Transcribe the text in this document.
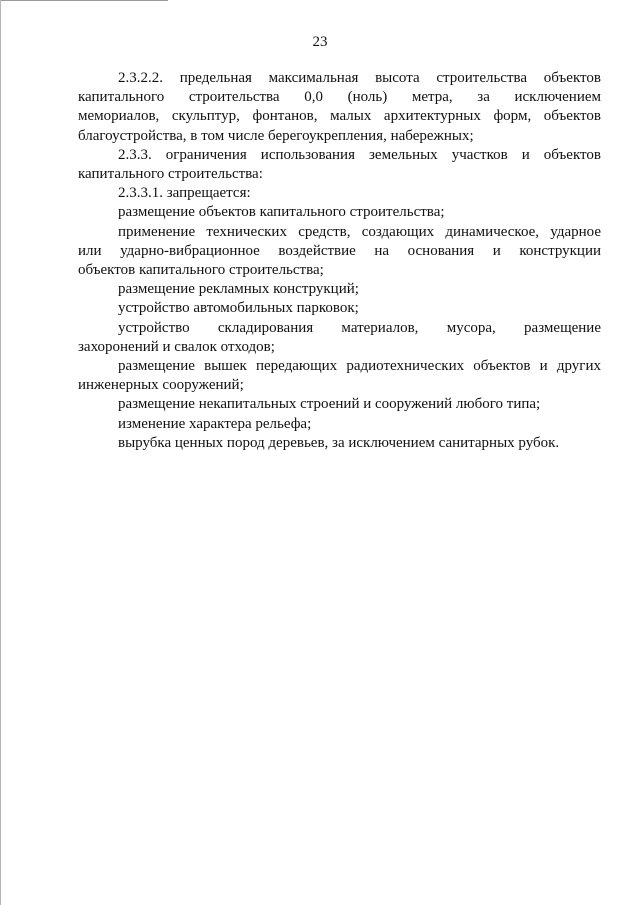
23

2.3.2.2. предельная максимальная высота строительства объектов
капитального строительства 0,0 (ноль) метра, за исключением
мемориалов, скульптур, фонтанов, малых архитектурных форм, объектов
благоустройства, в том числе берегоукрепления, набережных;

2.3.3. ограничения использования земельных участков и объектов
капитального строительства:

2.3.3.1. запрещается:

размещение объектов капитального строительства;

применение технических средств, создающих динамическое, ударное
или ударно-вибрационное воздействие на основания и конструкции
объектов капитального строительства;

размещение рекламных конструкций;

устройство автомобильных парковок;

устройство складирования материалов, мусора, размещение
захоронений и свалок отходов;

размещение вышек передающих радиотехнических объектов и других
инженерных сооружений;

размещение некапитальных строений и сооружений любого типа;

изменение характера рельефа;

вырубка ценных пород деревьев, за исключением санитарных рубок.
